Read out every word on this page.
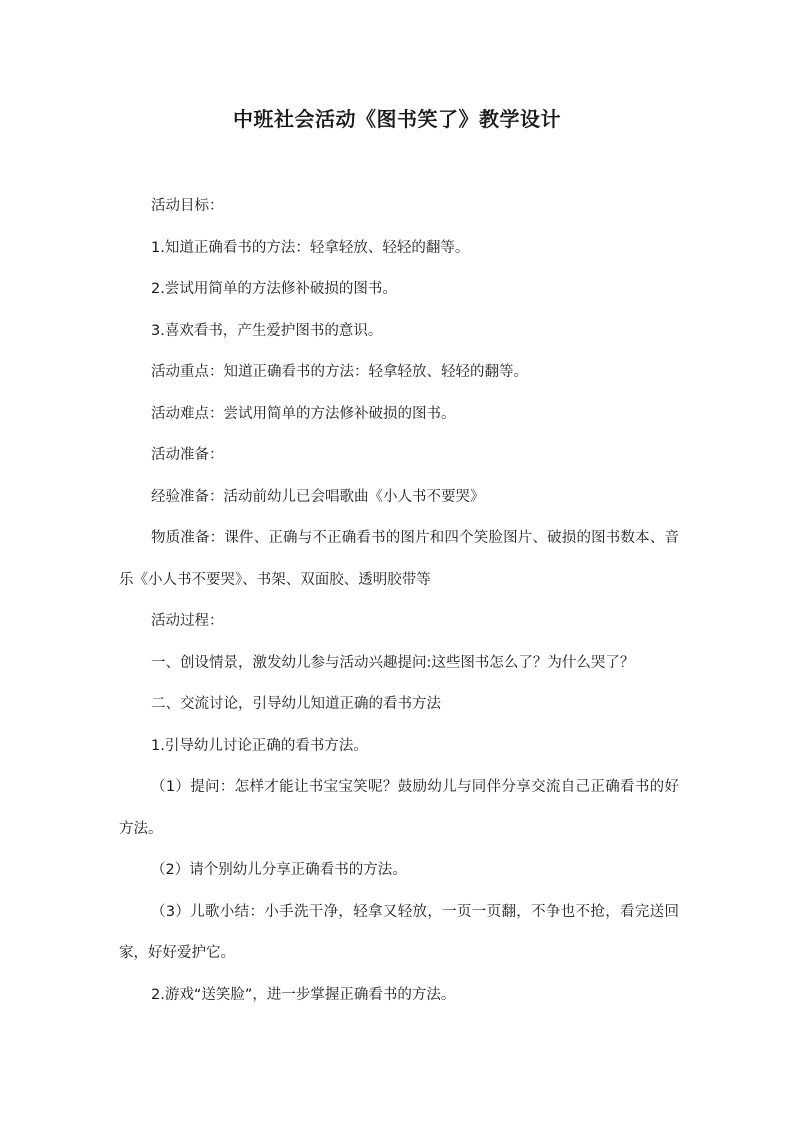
中班社会活动《图书笑了》教学设计

活动目标：

1.知道正确看书的方法：轻拿轻放、轻轻的翻等。

2.尝试用简单的方法修补破损的图书。

3.喜欢看书，产生爱护图书的意识。

活动重点：知道正确看书的方法：轻拿轻放、轻轻的翻等。

活动难点：尝试用简单的方法修补破损的图书。

活动准备：

经验准备：活动前幼儿已会唱歌曲《小人书不要哭》

物质准备：课件、正确与不正确看书的图片和四个笑脸图片、破损的图书数本、音乐《小人书不要哭》、书架、双面胶、透明胶带等

活动过程：

一、创设情景，激发幼儿参与活动兴趣提问:这些图书怎么了？为什么哭了？

二、交流讨论，引导幼儿知道正确的看书方法

1.引导幼儿讨论正确的看书方法。

（1）提问：怎样才能让书宝宝笑呢？鼓励幼儿与同伴分享交流自己正确看书的好方法。

（2）请个别幼儿分享正确看书的方法。

（3）儿歌小结：小手洗干净，轻拿又轻放，一页一页翻，不争也不抢，看完送回家，好好爱护它。

2.游戏“送笑脸”，进一步掌握正确看书的方法。
